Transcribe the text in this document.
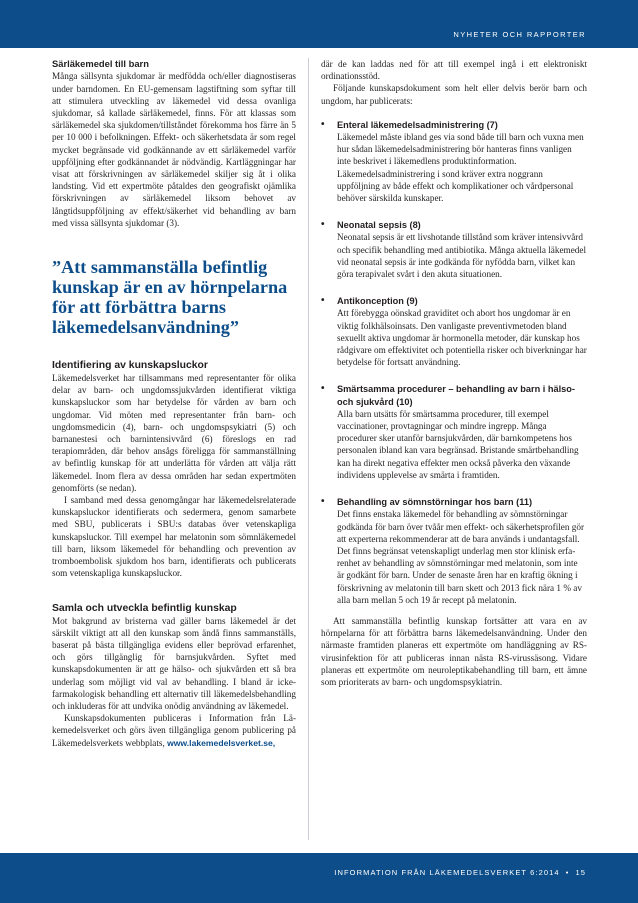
NYHETER OCH RAPPORTER
Särläkemedel till barn

Många sällsynta sjukdomar är medfödda och/eller diagnostiseras under barndomen. En EU-gemensam lagstiftning som syftar till att stimulera utveckling av läkemedel vid dessa ovanliga sjukdomar, så kallade särläkemedel, finns. För att klassas som särläkemedel ska sjukdomen/tillståndet förekomma hos färre än 5 per 10 000 i befolkningen. Effekt- och säkerhetsdata är som regel mycket begränsade vid godkännande av ett särläkemedel varför uppföljning efter godkännandet är nödvändig. Kartläggningar har visat att förskrivningen av särläkemedel skiljer sig åt i olika landsting. Vid ett expertmöte påtaldes den geografiskt ojämlika förskrivningen av särläkemedel liksom behovet av långtidsuppföljning av effekt/säkerhet vid behandling av barn med vissa sällsynta sjukdomar (3).

”Att sammanställa befintlig kunskap är en av hörnpelarna för att förbättra barns läkemedelsanvändning”
Identifiering av kunskapsluckor

Läkemedelsverket har tillsammans med representanter för olika delar av barn- och ungdomssjukvården identifierat viktiga kunskapsluckor som har betydelse för vården av barn och ungdomar. Vid möten med representanter från barn- och ungdomsmedicin (4), barn- och ungdomspsykiatri (5) och barnanestesi och barnintensivvård (6) föreslogs en rad terapiområden, där behov ansågs föreligga för sammanställning av befintlig kunskap för att underlätta för vården att välja rätt läkemedel. Inom flera av dessa områden har sedan expertmöten genomförts (se nedan).

I samband med dessa genomgångar har läkemedelsrelaterade kunskapsluckor identifierats och sedermera, genom samarbete med SBU, publicerats i SBU:s databas över vetenskapliga kunskapsluckor. Till exempel har melatonin som sömnläkemedel till barn, liksom läkemedel för behandling och prevention av tromboembolisk sjukdom hos barn, identifierats och publicerats som vetenskapliga kunskapsluckor.

Samla och utveckla befintlig kunskap

Mot bakgrund av bristerna vad gäller barns läkemedel är det särskilt viktigt att all den kunskap som ändå finns sammanställs, baserat på bästa tillgängliga evidens eller beprövad erfarenhet, och görs tillgänglig för barnsjukvården. Syftet med kunskapsdokumenten är att ge hälso- och sjukvården ett så bra underlag som möjligt vid val av behandling. I bland är icke-farmakologisk behandling ett alternativ till läkemedelsbehandling och inkluderas för att undvika onödig användning av läkemedel.

Kunskapsdokumenten publiceras i Information från Läkemedelsverket och görs även tillgängliga genom publicering på Läkemedelsverkets webbplats, www.lakemedelsverket.se,

där de kan laddas ned för att till exempel ingå i ett elektroniskt ordinationsstöd.

Följande kunskapsdokument som helt eller delvis berör barn och ungdom, har publicerats:

• Enteral läkemedelsadministrering (7)
Läkemedel måste ibland ges via sond både till barn och vuxna men hur sådan läkemedelsadministrering bör hanteras finns vanligen inte beskrivet i läkemedlens produktinformation. Läkemedelsadministrering i sond kräver extra noggrann uppföljning av både effekt och komplikationer och vårdpersonal behöver särskilda kunskaper.
• Neonatal sepsis (8)
Neonatal sepsis är ett livshotande tillstånd som kräver intensivvård och specifik behandling med antibiotika. Många aktuella läkemedel vid neonatal sepsis är inte godkända för nyfödda barn, vilket kan göra terapivalet svårt i den akuta situationen.
• Antikonception (9)
Att förebygga oönskad graviditet och abort hos ungdomar är en viktig folkhälsoinsats. Den vanligaste preventivmetoden bland sexuellt aktiva ungdomar är hormonella metoder, där kunskap hos rådgivare om effektivitet och potentiella risker och biverkningar har betydelse för fortsatt användning.
• Smärtsamma procedurer – behandling av barn i hälso- och sjukvård (10)
Alla barn utsätts för smärtsamma procedurer, till exempel vaccinationer, provtagningar och mindre ingrepp. Många procedurer sker utanför barnsjukvården, där barnkompetens hos personalen ibland kan vara begränsad. Bristande smärtbehandling kan ha direkt negativa effekter men också påverka den växande individens upplevelse av smärta i framtiden.
• Behandling av sömnstörningar hos barn (11)
Det finns enstaka läkemedel för behandling av sömnstörningar godkända för barn över tvåår men effekt- och säkerhetsprofilen gör att experterna rekommenderar att de bara används i undantagsfall. Det finns begränsat vetenskapligt underlag men stor klinisk erfarenhet av behandling av sömnstörningar med melatonin, som inte är godkänt för barn. Under de senaste åren har en kraftig ökning i förskrivning av melatonin till barn skett och 2013 fick nära 1 % av alla barn mellan 5 och 19 år recept på melatonin.

Att sammanställa befintlig kunskap fortsätter att vara en av hörnpelarna för att förbättra barns läkemedelsanvändning. Under den närmaste framtiden planeras ett expertmöte om handläggning av RS-virusinfektion för att publiceras innan nästa RS-virussäsong. Vidare planeras ett expertmöte om neuroleptikabehandling till barn, ett ämne som prioriterats av barn- och ungdomspsykiatrin.

INFORMATION FRÅN LÄKEMEDELSVERKET 6:2014 • 15
